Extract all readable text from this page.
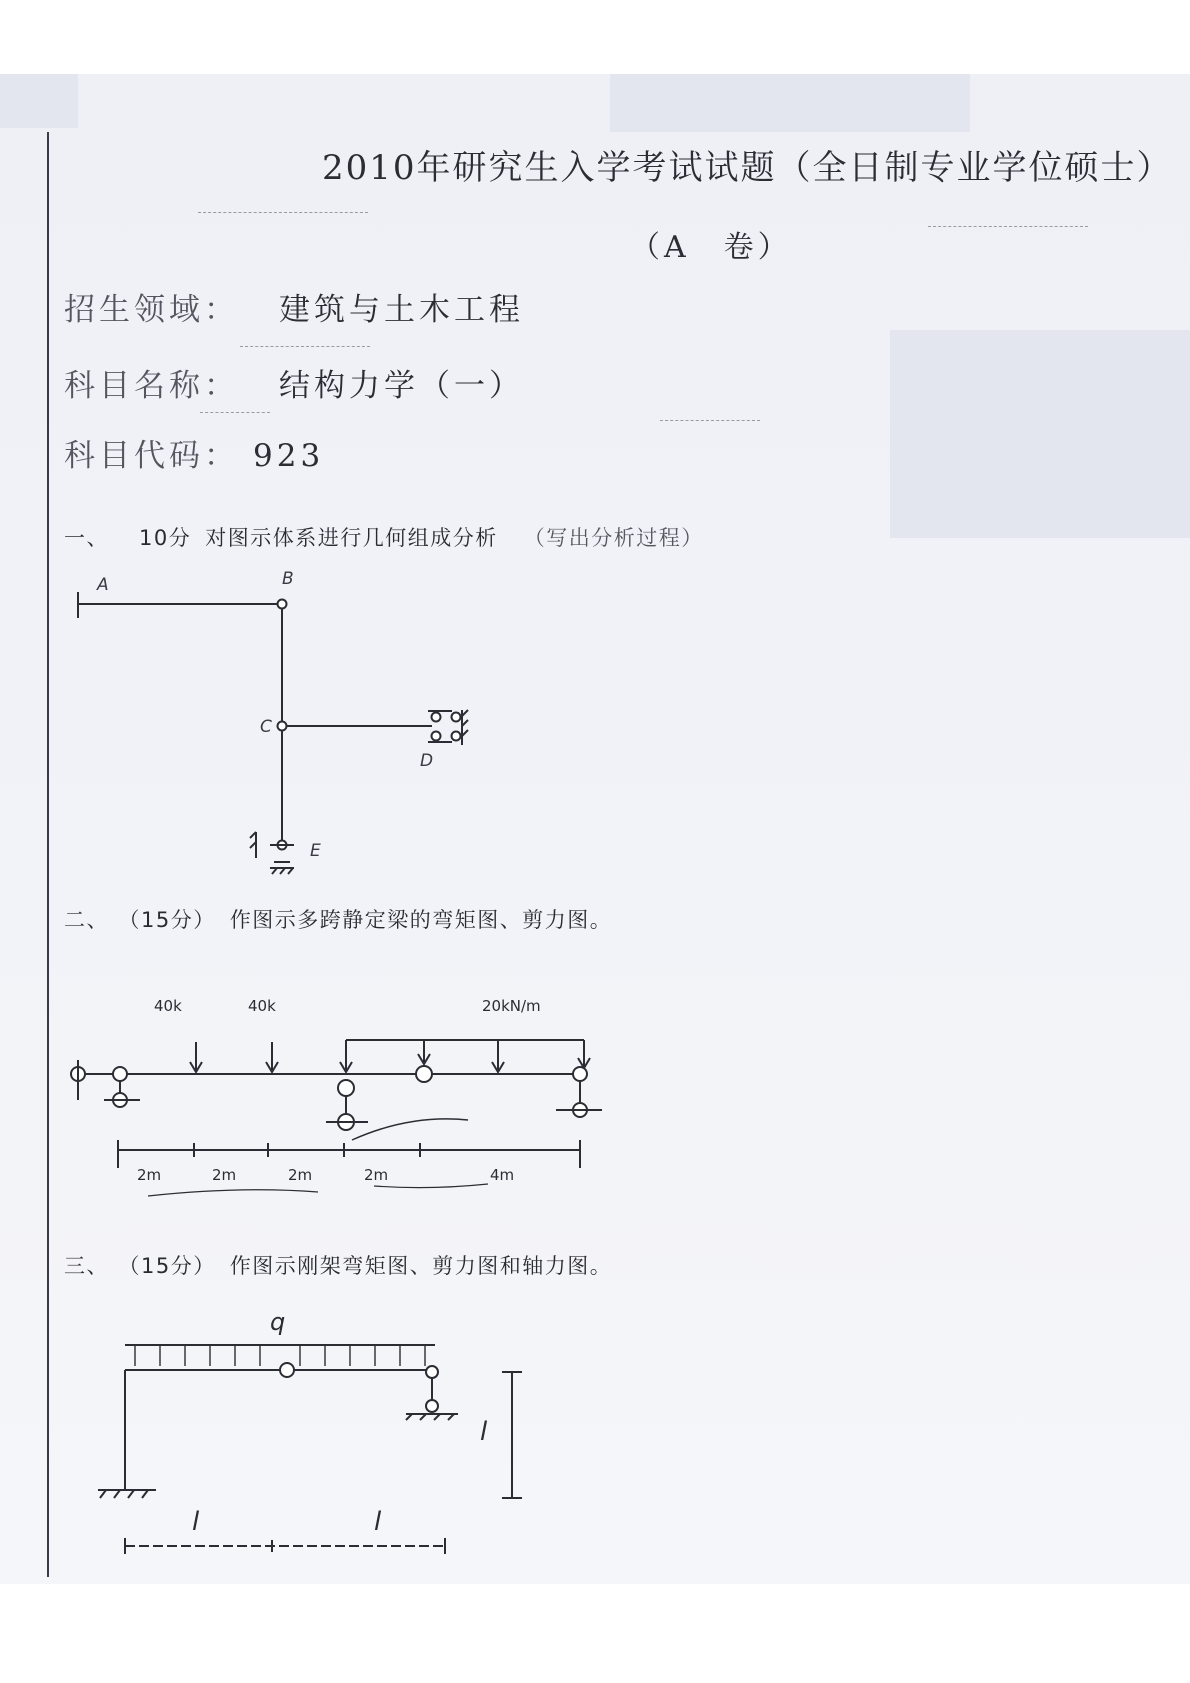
2010年研究生入学考试试题（全日制专业学位硕士）
（A　卷）
招生领域： 建筑与土木工程
科目名称： 结构力学（一）
科目代码： 923
一、 10分 对图示体系进行几何组成分析 （写出分析过程）
A	B
C
D
E
二、 （15分） 作图示多跨静定梁的弯矩图、剪力图。
40k	40k	20kN/m
2m	2m	2m	2m	4m
三、 （15分） 作图示刚架弯矩图、剪力图和轴力图。
q
l
l	l
